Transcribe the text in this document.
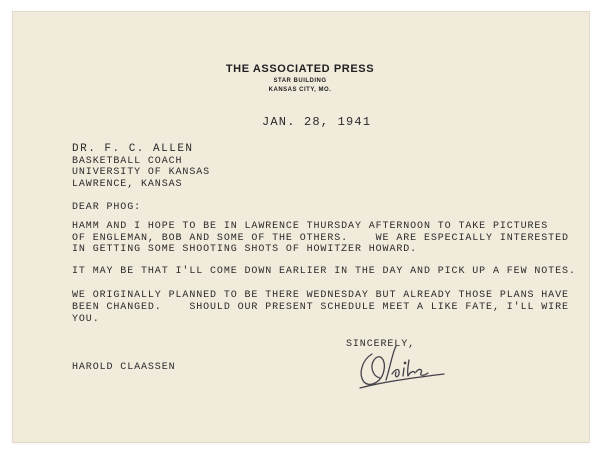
THE ASSOCIATED PRESS
STAR BUILDING
KANSAS CITY, MO.
JAN. 28, 1941
DR. F. C. ALLEN
BASKETBALL COACH
UNIVERSITY OF KANSAS
LAWRENCE, KANSAS
DEAR PHOG:
HAMM AND I HOPE TO BE IN LAWRENCE THURSDAY AFTERNOON TO TAKE PICTURES
OF ENGLEMAN, BOB AND SOME OF THE OTHERS.    WE ARE ESPECIALLY INTERESTED
IN GETTING SOME SHOOTING SHOTS OF HOWITZER HOWARD.
IT MAY BE THAT I'LL COME DOWN EARLIER IN THE DAY AND PICK UP A FEW NOTES.
WE ORIGINALLY PLANNED TO BE THERE WEDNESDAY BUT ALREADY THOSE PLANS HAVE
BEEN CHANGED.    SHOULD OUR PRESENT SCHEDULE MEET A LIKE FATE, I'LL WIRE
YOU.
SINCERELY,
HAROLD CLAASSEN
